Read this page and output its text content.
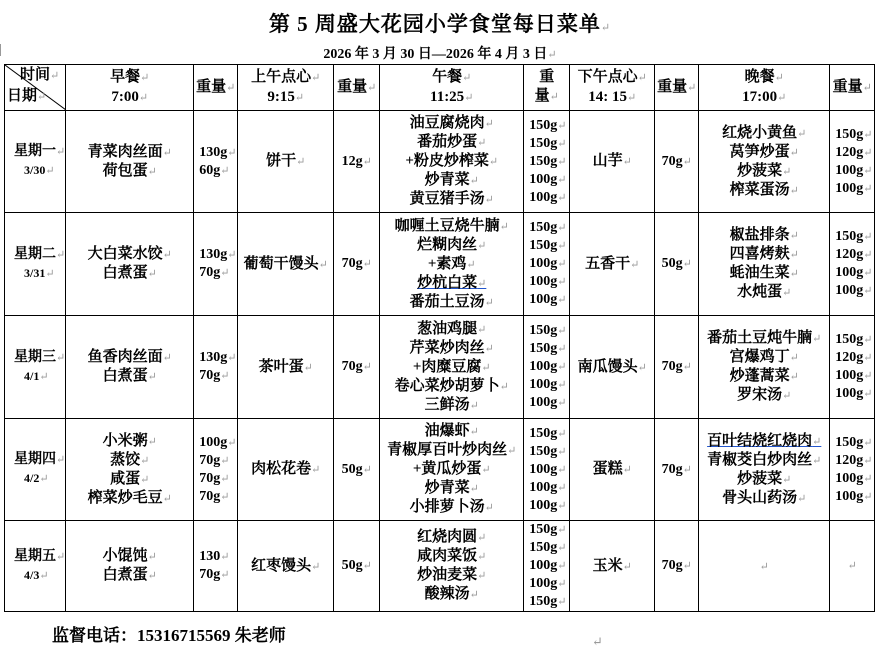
第 5 周盛大花园小学食堂每日菜单 ↵
2026 年 3 月 30 日—2026 年 4 月 3 日 ↵
时间 ↵
日期 ↵	早餐 ↵
7:00 ↵	重量 ↵	上午点心 ↵
9:15 ↵	重量 ↵	午餐 ↵
11:25 ↵	重
量 ↵	下午点心 ↵
14: 15 ↵	重量 ↵	晚餐 ↵
17:00 ↵	重量 ↵

星期一 ↵
3/30 ↵	青菜肉丝面 ↵
荷包蛋 ↵	130g ↵
60g ↵	饼干 ↵	12g ↵	油豆腐烧肉 ↵
番茄炒蛋 ↵
+粉皮炒榨菜 ↵
炒青菜 ↵
黄豆猪手汤 ↵	150g ↵
150g ↵
150g ↵
100g ↵
100g ↵	山芋 ↵	70g ↵	红烧小黄鱼 ↵
莴笋炒蛋 ↵
炒菠菜 ↵
榨菜蛋汤 ↵	150g ↵
120g ↵
100g ↵
100g ↵

星期二 ↵
3/31 ↵	大白菜水饺 ↵
白煮蛋 ↵	130g ↵
70g ↵	葡萄干馒头 ↵	70g ↵	咖喱土豆烧牛腩 ↵
烂糊肉丝 ↵
+素鸡 ↵
炒杭白菜 ↵
番茄土豆汤 ↵	150g ↵
150g ↵
100g ↵
100g ↵
100g ↵	五香干 ↵	50g ↵	椒盐排条 ↵
四喜烤麸 ↵
蚝油生菜 ↵
水炖蛋 ↵	150g ↵
120g ↵
100g ↵
100g ↵

星期三 ↵
4/1 ↵	鱼香肉丝面 ↵
白煮蛋 ↵	130g ↵
70g ↵	茶叶蛋 ↵	70g ↵	葱油鸡腿 ↵
芹菜炒肉丝 ↵
+肉糜豆腐 ↵
卷心菜炒胡萝卜 ↵
三鲜汤 ↵	150g ↵
150g ↵
100g ↵
100g ↵
100g ↵	南瓜馒头 ↵	70g ↵	番茄土豆炖牛腩 ↵
宫爆鸡丁 ↵
炒蓬蒿菜 ↵
罗宋汤 ↵	150g ↵
120g ↵
100g ↵
100g ↵

星期四 ↵
4/2 ↵	小米粥 ↵
蒸饺 ↵
咸蛋 ↵
榨菜炒毛豆 ↵	100g ↵
70g ↵
70g ↵
70g ↵	肉松花卷 ↵	50g ↵	油爆虾 ↵
青椒厚百叶炒肉丝 ↵
+黄瓜炒蛋 ↵
炒青菜 ↵
小排萝卜汤 ↵	150g ↵
150g ↵
100g ↵
100g ↵
100g ↵	蛋糕 ↵	70g ↵	百叶结烧红烧肉 ↵
青椒茭白炒肉丝 ↵
炒菠菜 ↵
骨头山药汤 ↵	150g ↵
120g ↵
100g ↵
100g ↵

星期五 ↵
4/3 ↵	小馄饨 ↵
白煮蛋 ↵	130 ↵
70g ↵	红枣馒头 ↵	50g ↵	红烧肉圆 ↵
咸肉菜饭 ↵
炒油麦菜 ↵
酸辣汤 ↵	150g ↵
150g ↵
100g ↵
100g ↵
150g ↵	玉米 ↵	70g ↵	↵	↵
监督电话：15316715569 朱老师	↵
